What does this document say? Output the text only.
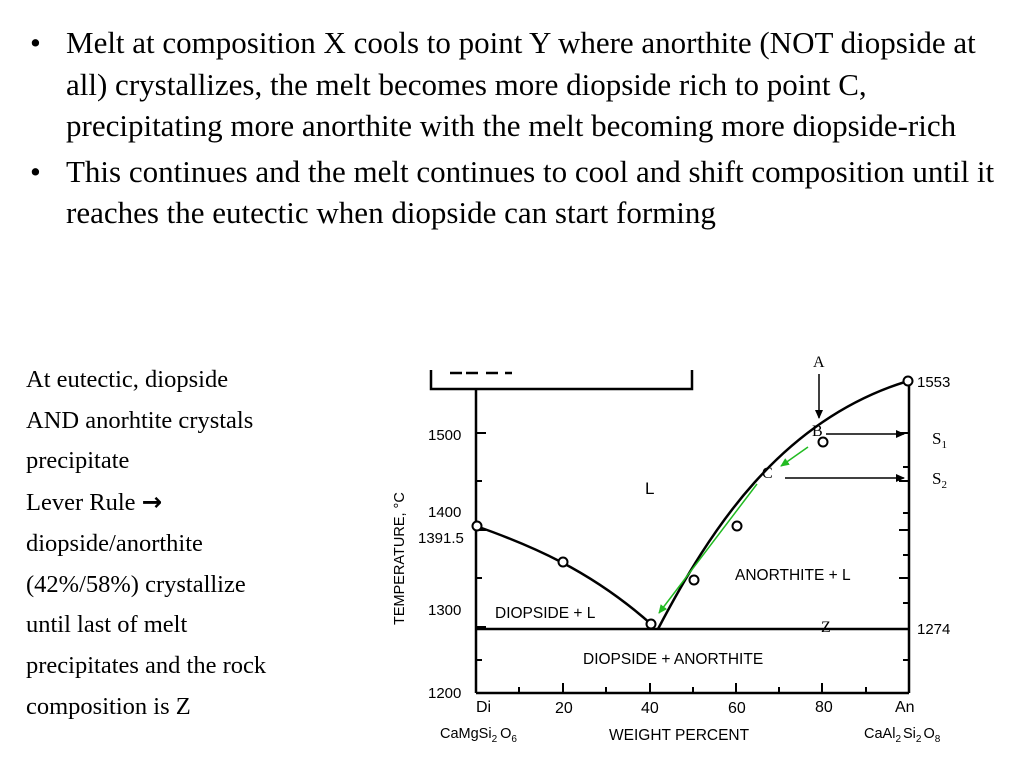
• Melt at composition X cools to point Y where anorthite (NOT diopside at all) crystallizes, the melt becomes more diopside rich to point C, precipitating more anorthite with the melt becoming more diopside-rich
• This continues and the melt continues to cool and shift composition until it reaches the eutectic when diopside can start forming
At eutectic, diopside
AND anorhtite crystals
precipitate
Lever Rule →
diopside/anorthite
(42%/58%) crystallize
until last of melt
precipitates and the rock
composition is Z
TEMPERATURE, °C
WEIGHT PERCENT
1500
1400
1391.5
1300
1200
1553
1274
Di	20	40	60	80	An
CaMgSi$_2$ $O_6$	CaAl$_2$ $Si_2$ $O_8$
L
ANORTHITE + L
DIOPSIDE + L
DIOPSIDE + ANORTHITE
A
B
C
Z
$S_1$
$S_2$
